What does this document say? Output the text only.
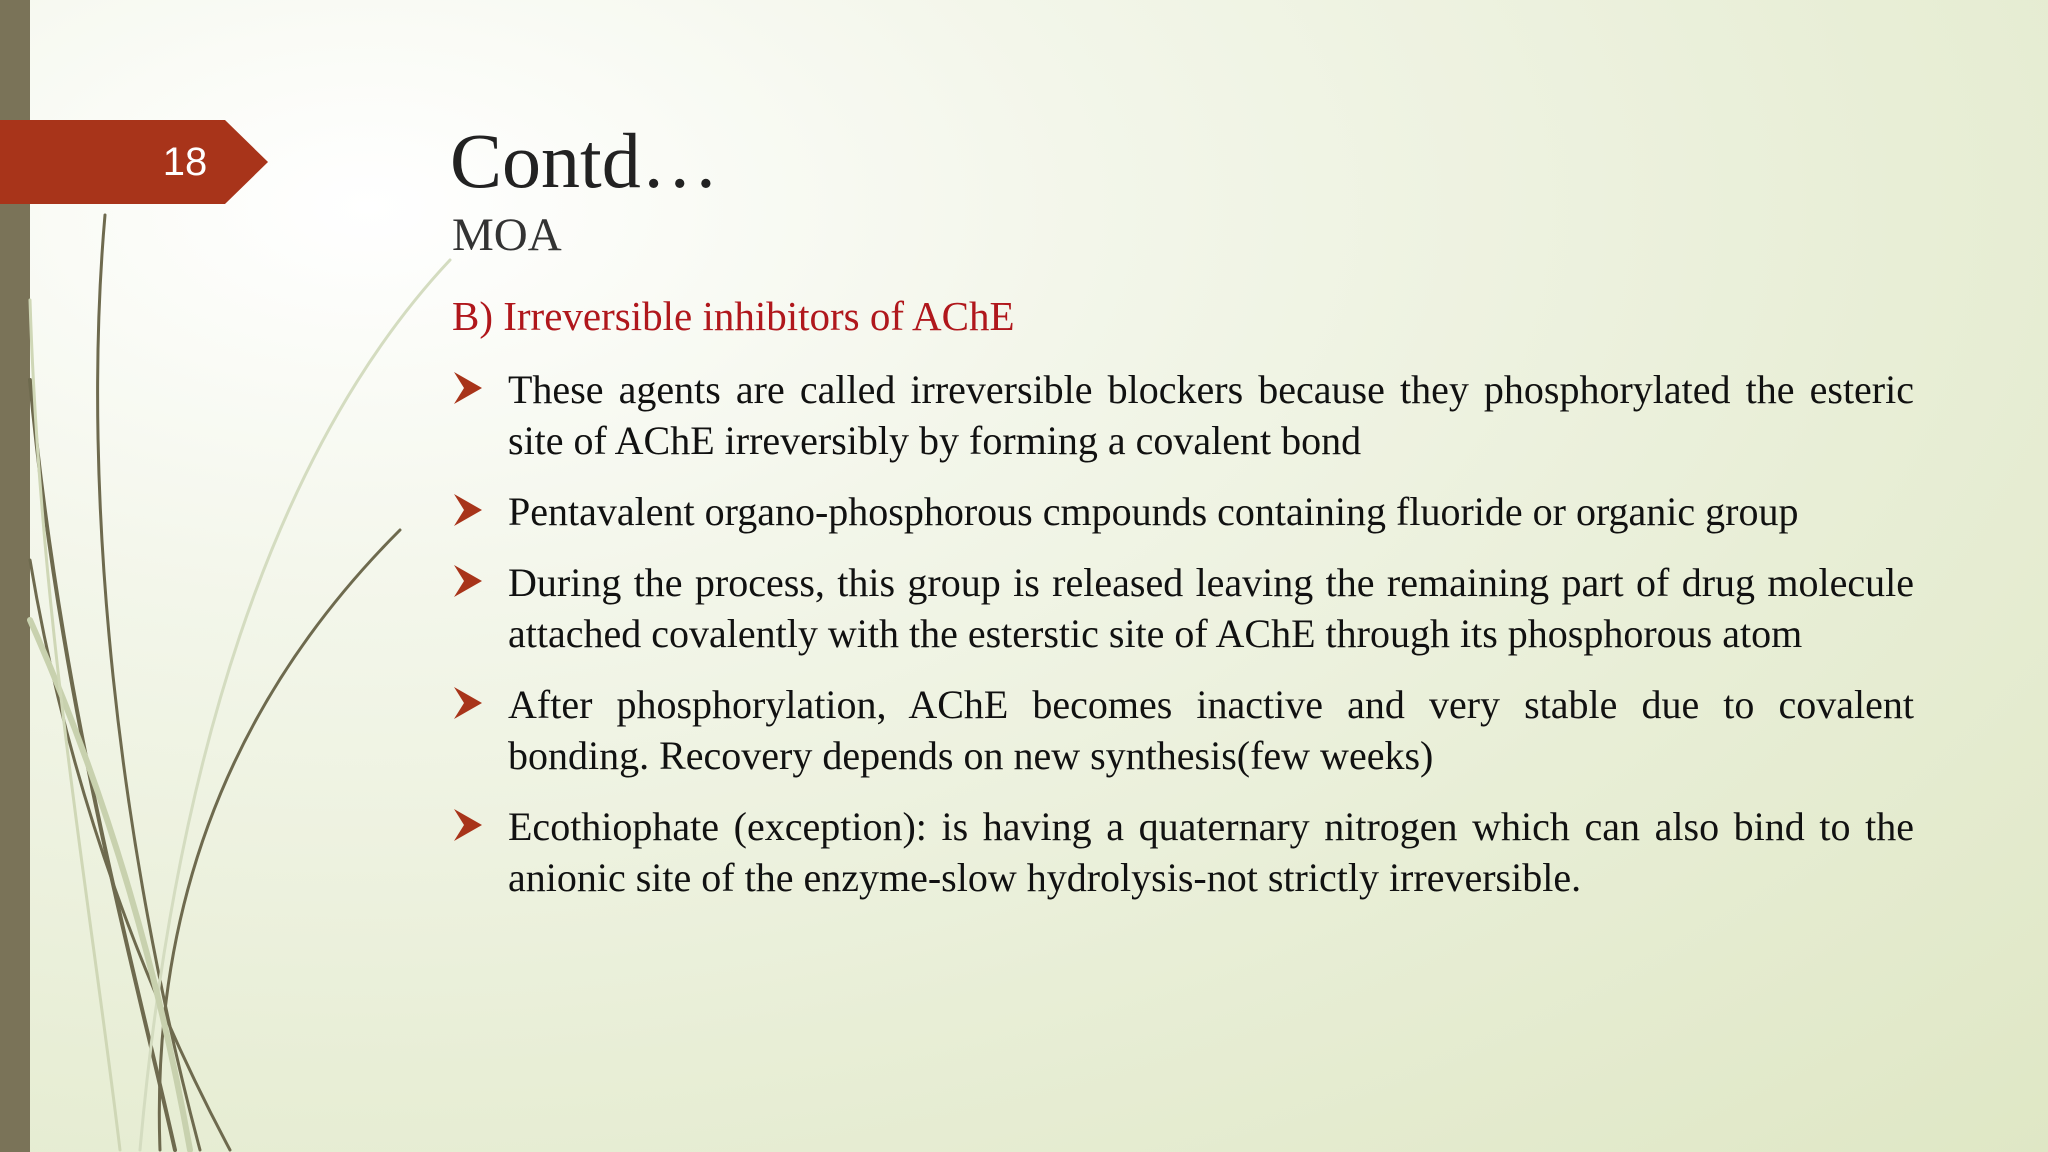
18	Contd…
MOA
B) Irreversible inhibitors of AChE
These agents are called irreversible blockers because they phosphorylated the esteric site of AChE irreversibly by forming a covalent bond
Pentavalent organo-phosphorous cmpounds containing fluoride or organic group
During the process, this group is released leaving the remaining part of drug molecule attached covalently with the esterstic site of AChE through its phosphorous atom
After phosphorylation, AChE becomes inactive and very stable due to covalent bonding. Recovery depends on new synthesis(few weeks)
Ecothiophate (exception): is having a quaternary nitrogen which can also bind to the anionic site of the enzyme-slow hydrolysis-not strictly irreversible.
